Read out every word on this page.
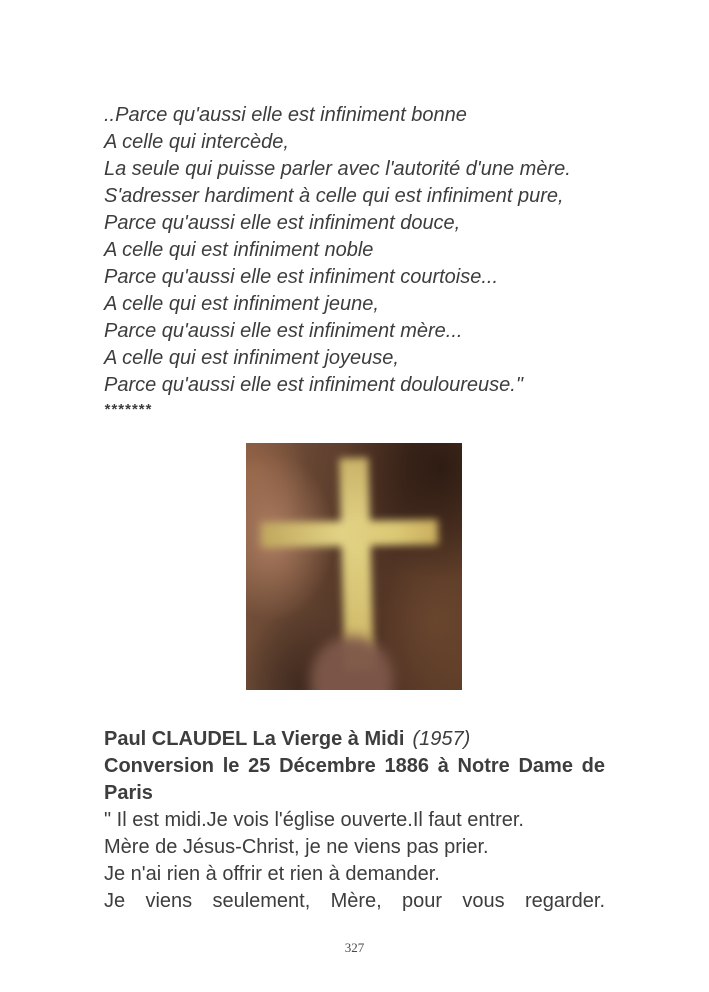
..Parce qu'aussi elle est infiniment bonne
A celle qui intercède,
La seule qui puisse parler avec l'autorité d'une mère.
S'adresser hardiment à celle qui est infiniment pure,
Parce qu'aussi elle est infiniment douce,
A celle qui est infiniment noble
Parce qu'aussi elle est infiniment courtoise...
A celle qui est infiniment jeune,
Parce qu'aussi elle est infiniment mère...
A celle qui est infiniment joyeuse,
Parce qu'aussi elle est infiniment douloureuse."
*******
Paul CLAUDEL La Vierge à Midi (1957)
Conversion le 25 Décembre 1886 à Notre Dame de
Paris
" Il est midi.Je vois l'église ouverte.Il faut entrer.
Mère de Jésus-Christ, je ne viens pas prier.
Je n'ai rien à offrir et rien à demander.
Je viens seulement, Mère, pour vous regarder.
327
